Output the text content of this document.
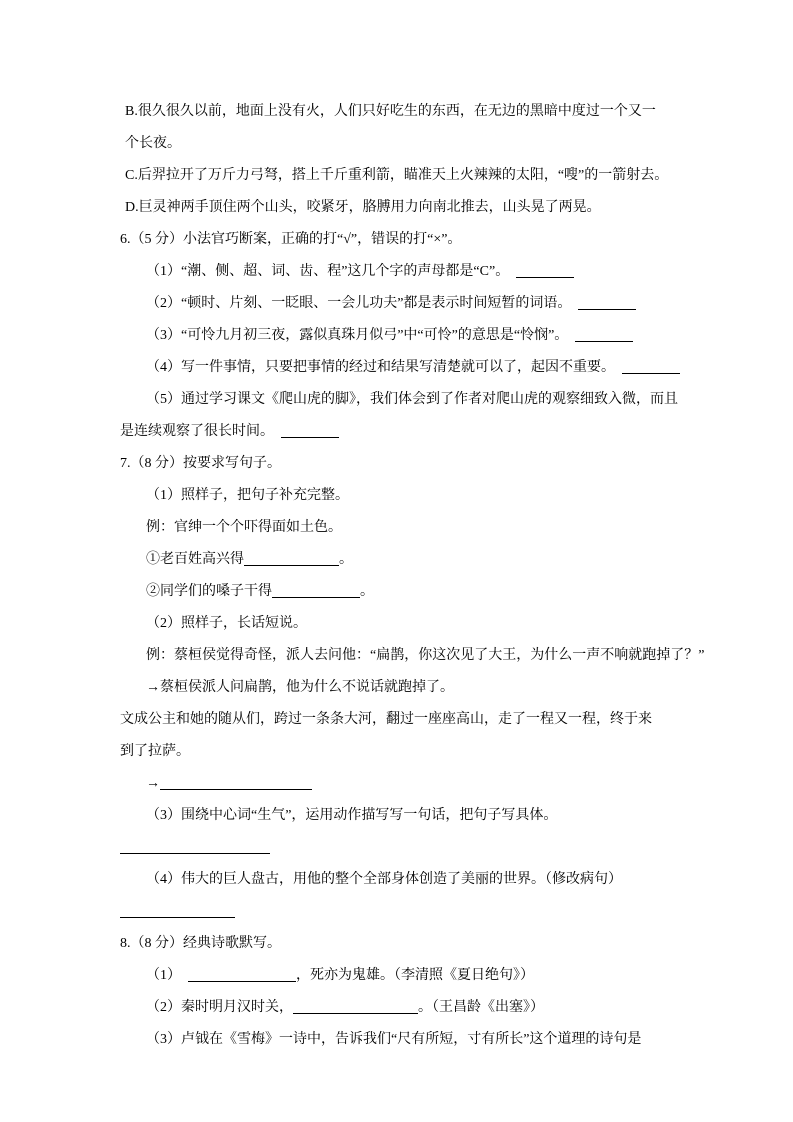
B.很久很久以前，地面上没有火，人们只好吃生的东西，在无边的黑暗中度过一个又一
个长夜。
C.后羿拉开了万斤力弓弩，搭上千斤重利箭，瞄准天上火辣辣的太阳，“嗖”的一箭射去。
D.巨灵神两手顶住两个山头，咬紧牙，胳膊用力向南北推去，山头晃了两晃。
6.（5 分）小法官巧断案，正确的打“√”，错误的打“×”。
（1）“潮、侧、超、词、齿、程”这几个字的声母都是“C”。　
（2）“顿时、片刻、一眨眼、一会儿功夫”都是表示时间短暂的词语。　
（3）“可怜九月初三夜，露似真珠月似弓”中“可怜”的意思是“怜悯”。　
（4）写一件事情，只要把事情的经过和结果写清楚就可以了，起因不重要。　
（5）通过学习课文《爬山虎的脚》，我们体会到了作者对爬山虎的观察细致入微，而且
是连续观察了很长时间。　
7.（8 分）按要求写句子。
（1）照样子，把句子补充完整。
例：官绅一个个吓得面如土色。
①老百姓高兴得	。
②同学们的嗓子干得	。
（2）照样子，长话短说。
例：蔡桓侯觉得奇怪，派人去问他：“扁鹊，你这次见了大王，为什么一声不响就跑掉了？”
→蔡桓侯派人问扁鹊，他为什么不说话就跑掉了。
文成公主和她的随从们，跨过一条条大河，翻过一座座高山，走了一程又一程，终于来
到了拉萨。
→
（3）围绕中心词“生气”，运用动作描写写一句话，把句子写具体。
（4）伟大的巨人盘古，用他的整个全部身体创造了美丽的世界。（修改病句）
8.（8 分）经典诗歌默写。
（1）　	，死亦为鬼雄。（李清照《夏日绝句》）
（2）秦时明月汉时关，	。（王昌龄《出塞》）
（3）卢钺在《雪梅》一诗中，告诉我们“尺有所短，寸有所长”这个道理的诗句是
